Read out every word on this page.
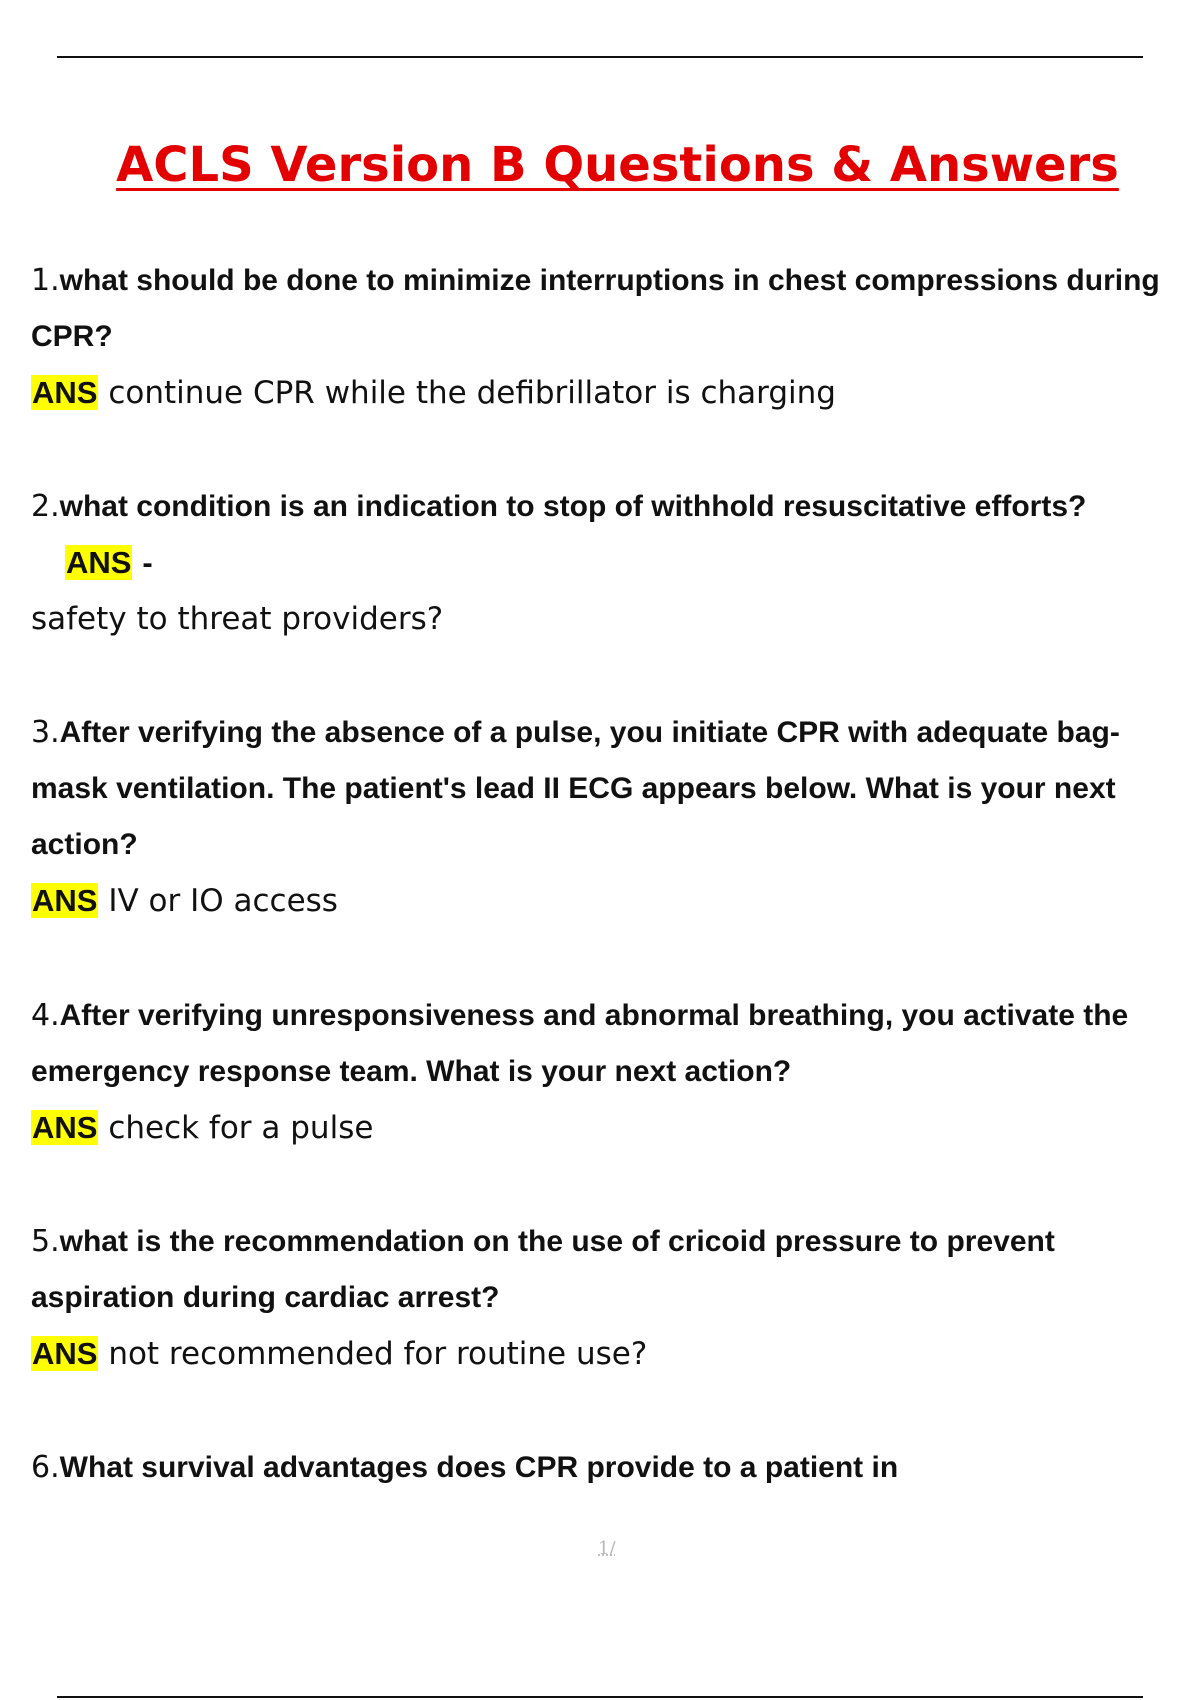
ACLS Version B Questions & Answers

1.what should be done to minimize interruptions in chest compressions during CPR?

ANS continue CPR while the defibrillator is charging

2.what condition is an indication to stop of withhold resuscitative efforts?

ANS -

safety to threat providers?

3.After verifying the absence of a pulse, you initiate CPR with adequate bag-mask ventilation. The patient's lead II ECG appears below. What is your next action?

ANS IV or IO access

4.After verifying unresponsiveness and abnormal breathing, you activate the emergency response team. What is your next action?

ANS check for a pulse

5.what is the recommendation on the use of cricoid pressure to prevent aspiration during cardiac arrest?

ANS not recommended for routine use?

6.What survival advantages does CPR provide to a patient in

1/
